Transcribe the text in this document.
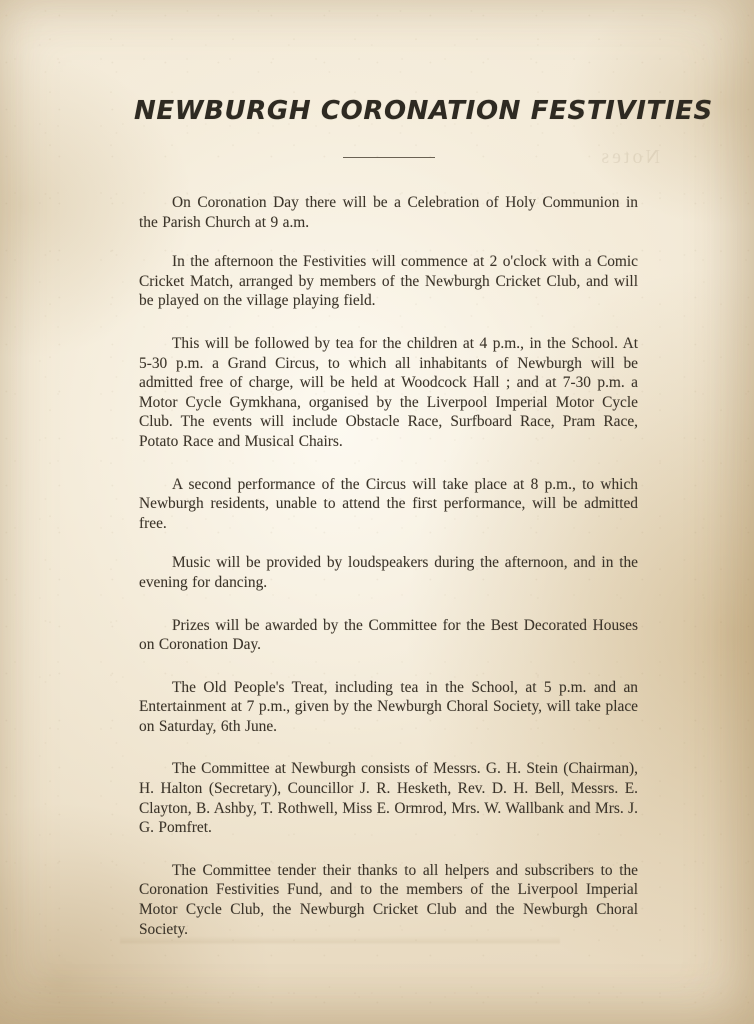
Notes
NEWBURGH CORONATION FESTIVITIES

On Coronation Day there will be a Celebration of Holy Communion in the Parish Church at 9 a.m.

In the afternoon the Festivities will commence at 2 o'clock with a Comic Cricket Match, arranged by members of the Newburgh Cricket Club, and will be played on the village playing field.

This will be followed by tea for the children at 4 p.m., in the School. At 5-30 p.m. a Grand Circus, to which all inhabitants of Newburgh will be admitted free of charge, will be held at Woodcock Hall ; and at 7-30 p.m. a Motor Cycle Gymkhana, organised by the Liverpool Imperial Motor Cycle Club. The events will include Obstacle Race, Surfboard Race, Pram Race, Potato Race and Musical Chairs.

A second performance of the Circus will take place at 8 p.m., to which Newburgh residents, unable to attend the first performance, will be admitted free.

Music will be provided by loudspeakers during the afternoon, and in the evening for dancing.

Prizes will be awarded by the Committee for the Best Decorated Houses on Coronation Day.

The Old People's Treat, including tea in the School, at 5 p.m. and an Entertainment at 7 p.m., given by the Newburgh Choral Society, will take place on Saturday, 6th June.

The Committee at Newburgh consists of Messrs. G. H. Stein (Chairman), H. Halton (Secretary), Councillor J. R. Hesketh, Rev. D. H. Bell, Messrs. E. Clayton, B. Ashby, T. Rothwell, Miss E. Ormrod, Mrs. W. Wallbank and Mrs. J. G. Pomfret.

The Committee tender their thanks to all helpers and subscribers to the Coronation Festivities Fund, and to the members of the Liverpool Imperial Motor Cycle Club, the Newburgh Cricket Club and the Newburgh Choral Society.
